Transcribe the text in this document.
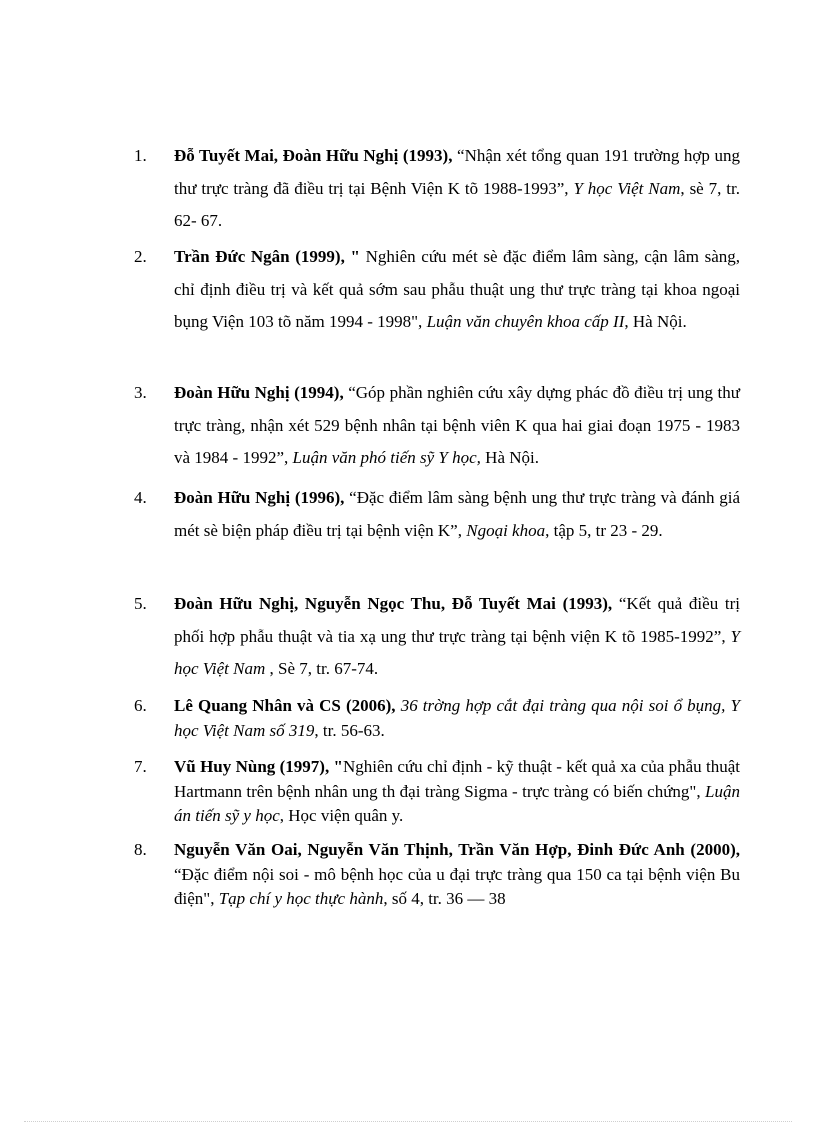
1. Đỗ Tuyết Mai, Đoàn Hữu Nghị (1993), “Nhận xét tổng quan 191 trường hợp ung thư trực tràng đã điều trị tại Bệnh Viện K tõ 1988-1993”, Y học Việt Nam, sè 7, tr. 62- 67.
2. Trần Đức Ngân (1999), " Nghiên cứu mét sè đặc điểm lâm sàng, cận lâm sàng, chỉ định điều trị và kết quả sớm sau phẫu thuật ung thư trực tràng tại khoa ngoại bụng Viện 103 tõ năm 1994 - 1998", Luận văn chuyên khoa cấp II, Hà Nội.
3. Đoàn Hữu Nghị (1994), “Góp phần nghiên cứu xây dựng phác đồ điều trị ung thư trực tràng, nhận xét 529 bệnh nhân tại bệnh viên K qua hai giai đoạn 1975 - 1983 và 1984 - 1992”, Luận văn phó tiến sỹ Y học, Hà Nội.
4. Đoàn Hữu Nghị (1996), “Đặc điểm lâm sàng bệnh ung thư trực tràng và đánh giá mét sè biện pháp điều trị tại bệnh viện K”, Ngoại khoa, tập 5, tr 23 - 29.
5. Đoàn Hữu Nghị, Nguyễn Ngọc Thu, Đỗ Tuyết Mai (1993), “Kết quả điều trị phối hợp phẫu thuật và tia xạ ung thư trực tràng tại bệnh viện K tõ 1985-1992”, Y học Việt Nam , Sè 7, tr. 67-74.
6. Lê Quang Nhân và CS (2006), 36 trờng hợp cắt đại tràng qua nội soi ổ bụng, Y học Việt Nam số 319, tr. 56-63.
7. Vũ Huy Nùng (1997), "Nghiên cứu chỉ định - kỹ thuật - kết quả xa của phẫu thuật Hartmann trên bệnh nhân ung th đại tràng Sigma - trực tràng có biến chứng", Luận án tiến sỹ y học, Học viện quân y.
8. Nguyễn Văn Oai, Nguyễn Văn Thịnh, Trần Văn Hợp, Đinh Đức Anh (2000), “Đặc điểm nội soi - mô bệnh học của u đại trực tràng qua 150 ca tại bệnh viện Bu điện", Tạp chí y học thực hành, số 4, tr. 36 — 38
